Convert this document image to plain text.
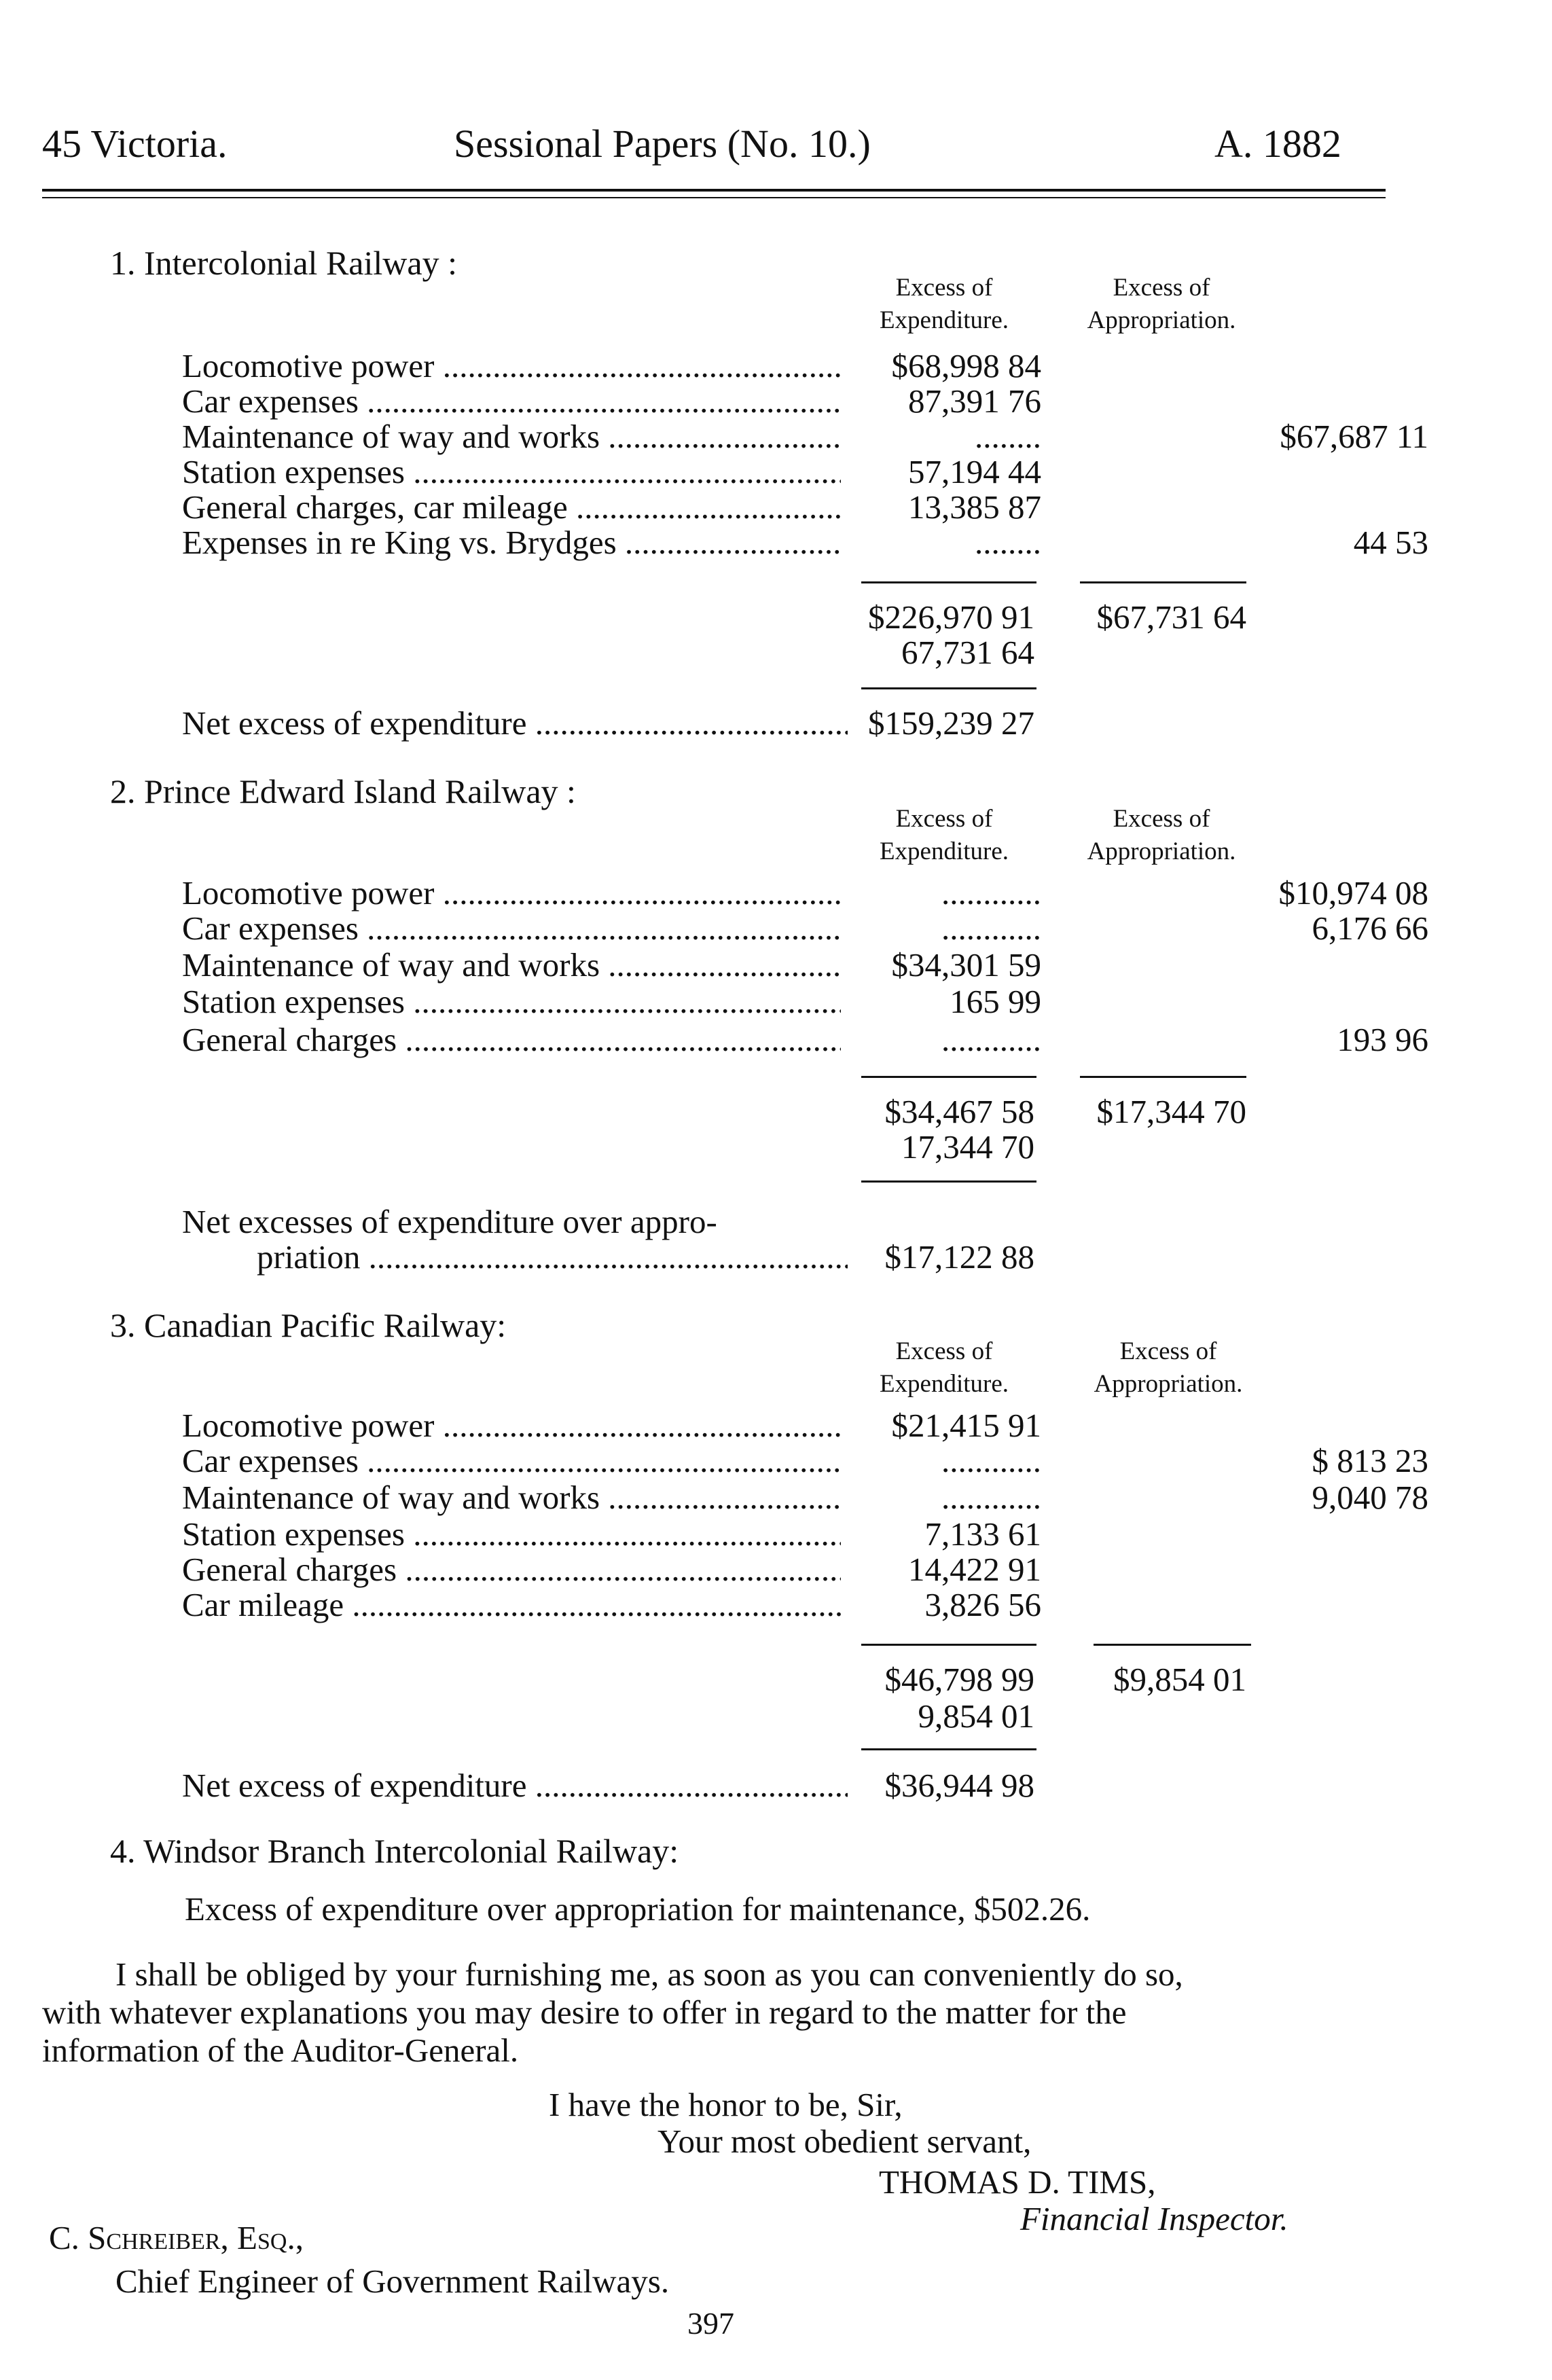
45 Victoria.	Sessional Papers (No. 10.)	A. 1882
1. Intercolonial Railway :
Excess of
Expenditure.
Excess of
Appropriation.
Locomotive power .....	$68,998 84
Car expenses .....	87,391 76
Maintenance of way and works .....	........	$67,687 11
Station expenses .....	57,194 44
General charges, car mileage .....	13,385 87
Expenses in re King vs. Brydges .....	........	44 53
$226,970 91	$67,731 64
67,731 64
Net excess of expenditure .....	$159,239 27
2. Prince Edward Island Railway :
Excess of
Expenditure.
Excess of
Appropriation.
Locomotive power .....	............	$10,974 08
Car expenses .....	............	6,176 66
Maintenance of way and works .....	$34,301 59
Station expenses .....	165 99
General charges .....	............	193 96
$34,467 58	$17,344 70
17,344 70
Net excesses of expenditure over appro-
priation .....	$17,122 88
3. Canadian Pacific Railway:
Excess of
Expenditure.
Excess of
Appropriation.
Locomotive power .....	$21,415 91
Car expenses .....	............	$ 813 23
Maintenance of way and works .....	............	9,040 78
Station expenses .....	7,133 61
General charges .....	14,422 91
Car mileage .....	3,826 56
$46,798 99	$9,854 01
9,854 01
Net excess of expenditure .....	$36,944 98
4. Windsor Branch Intercolonial Railway:
Excess of expenditure over appropriation for maintenance, $502.26.
I shall be obliged by your furnishing me, as soon as you can conveniently do so,
with whatever explanations you may desire to offer in regard to the matter for the
information of the Auditor-General.
I have the honor to be, Sir,
Your most obedient servant,
THOMAS D. TIMS,
Financial Inspector.
C. Schreiber, Esq.,
Chief Engineer of Government Railways.
397
